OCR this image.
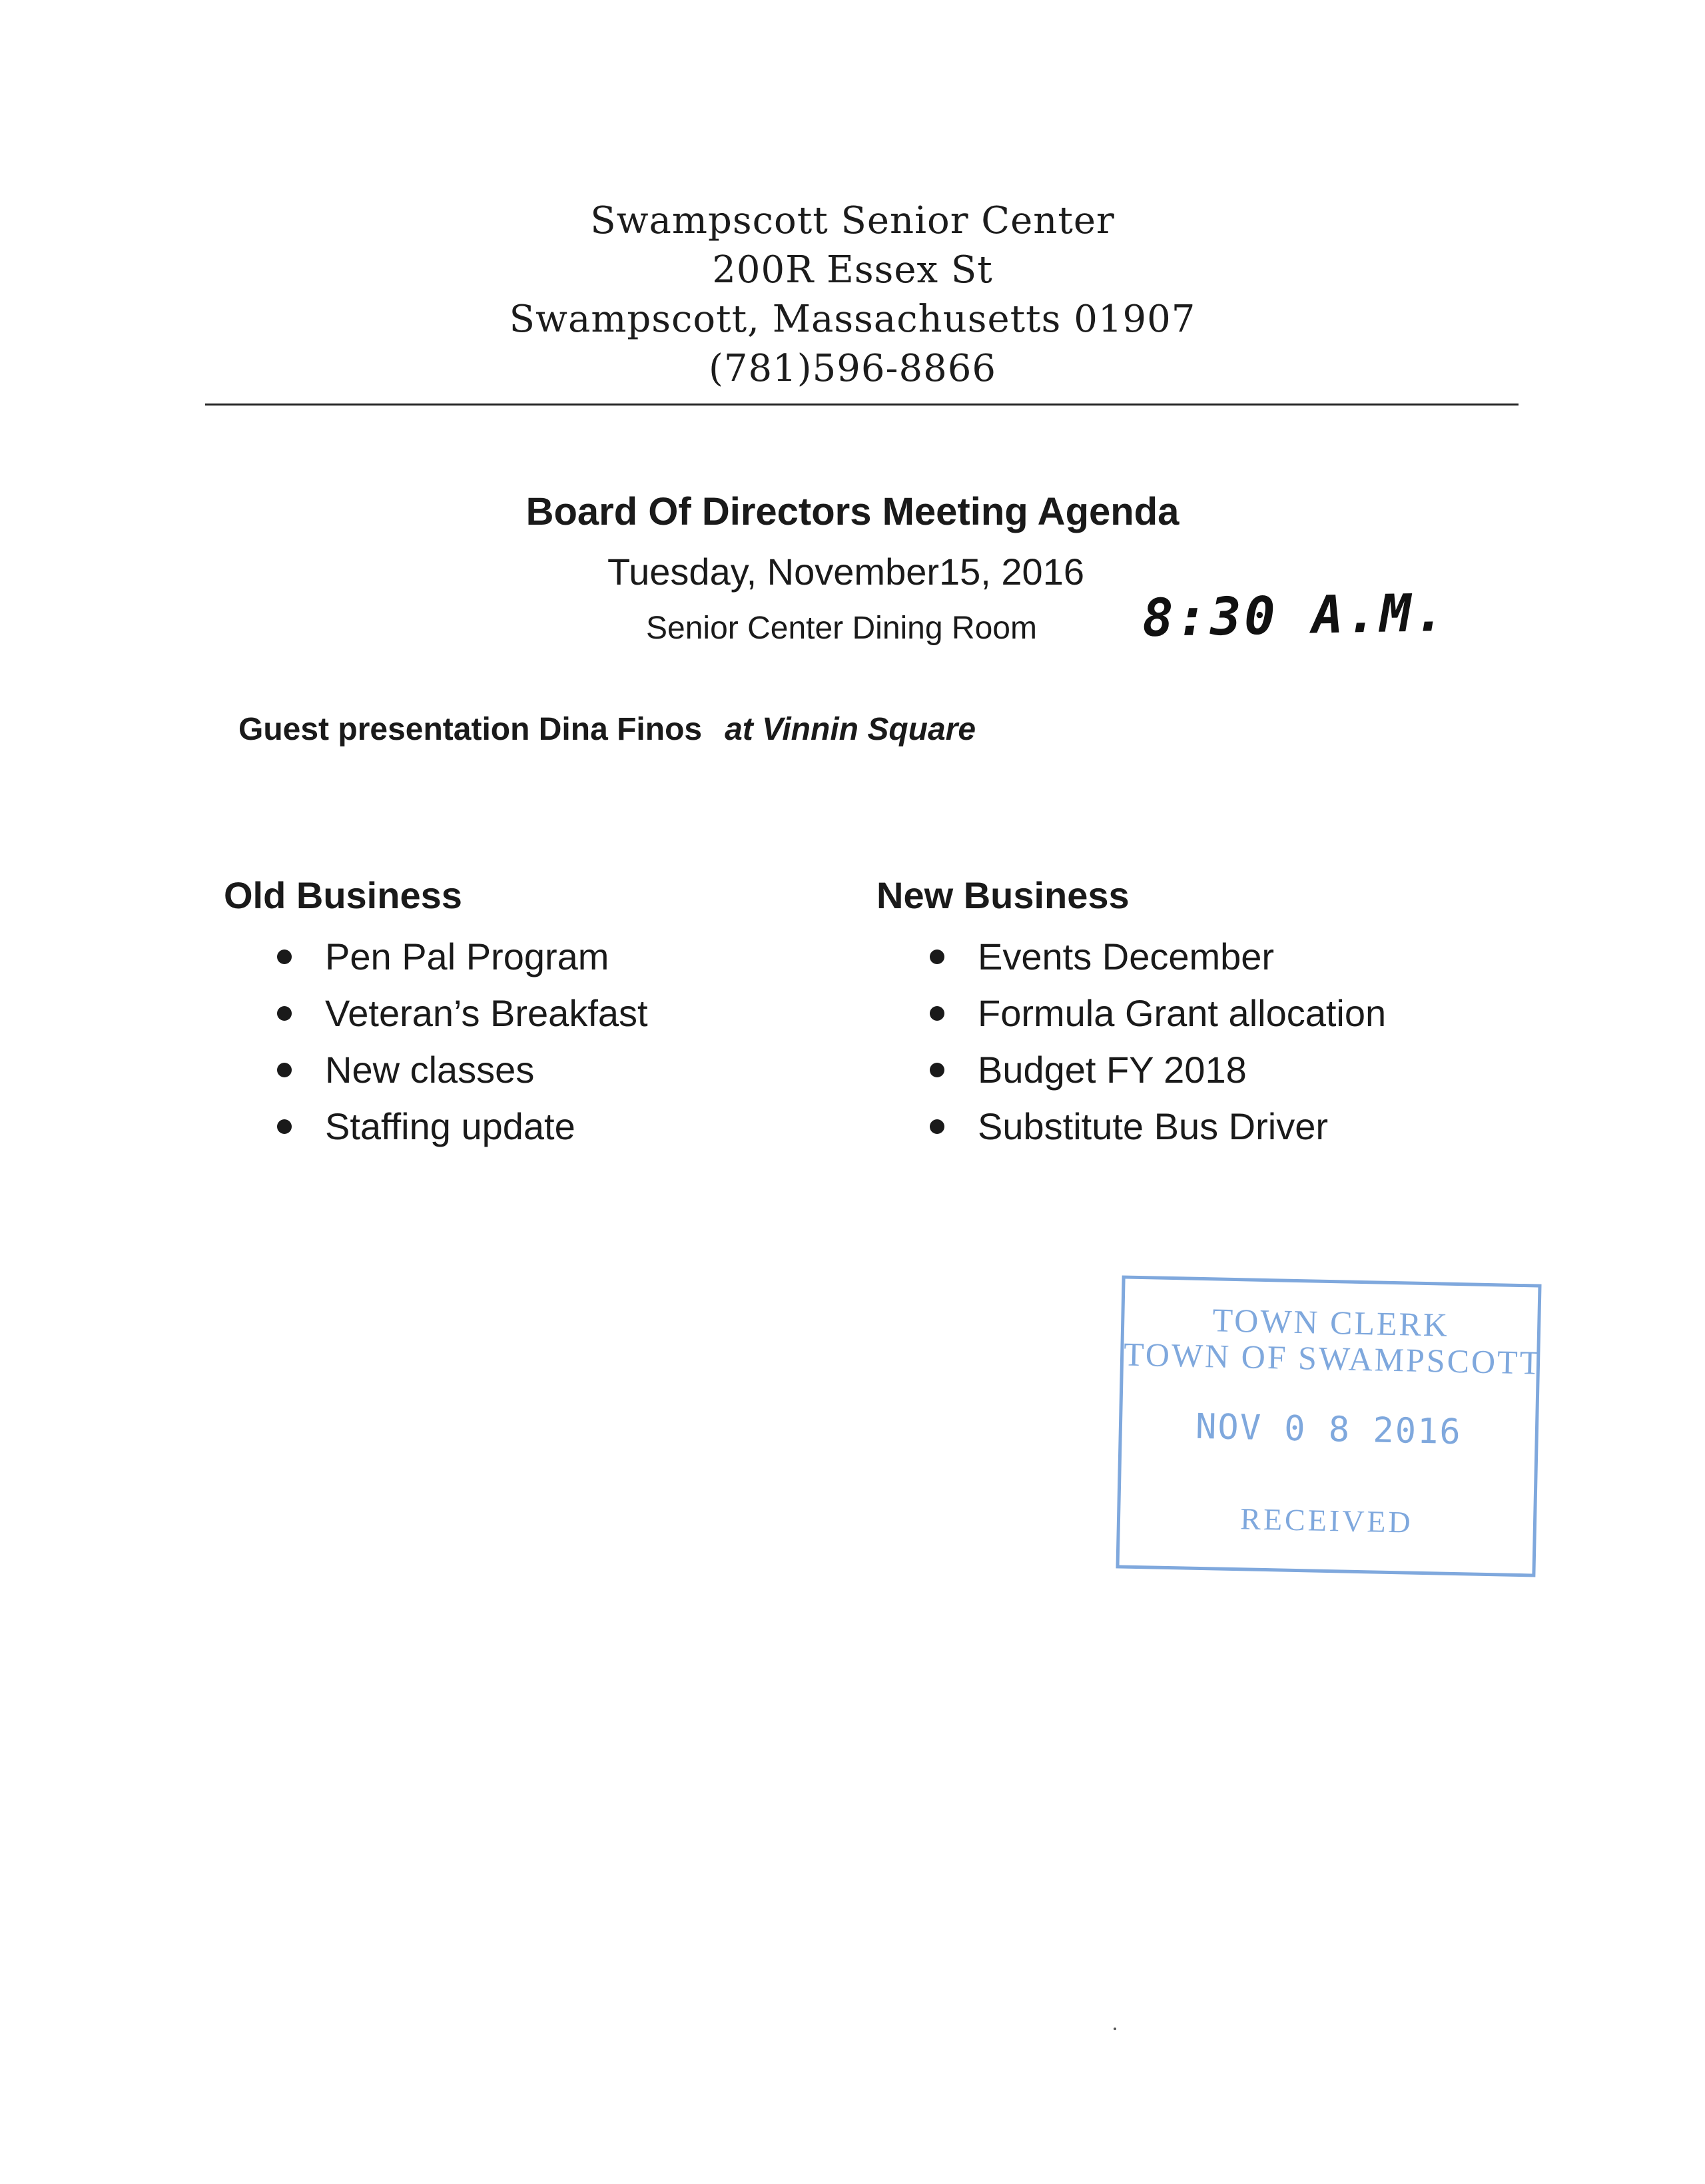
Swampscott Senior Center
200R Essex St
Swampscott, Massachusetts 01907
(781)596-8866
Board Of Directors Meeting Agenda
Tuesday, November15, 2016
Senior Center Dining Room 8:30 A.M.
Guest presentation Dina Finos at Vinnin Square
Old Business
Pen Pal Program
Veteran’s Breakfast
New classes
Staffing update
New Business
Events December
Formula Grant allocation
Budget FY 2018
Substitute Bus Driver
TOWN CLERK
TOWN OF SWAMPSCOTT
NOV 0 8 2016
RECEIVED
